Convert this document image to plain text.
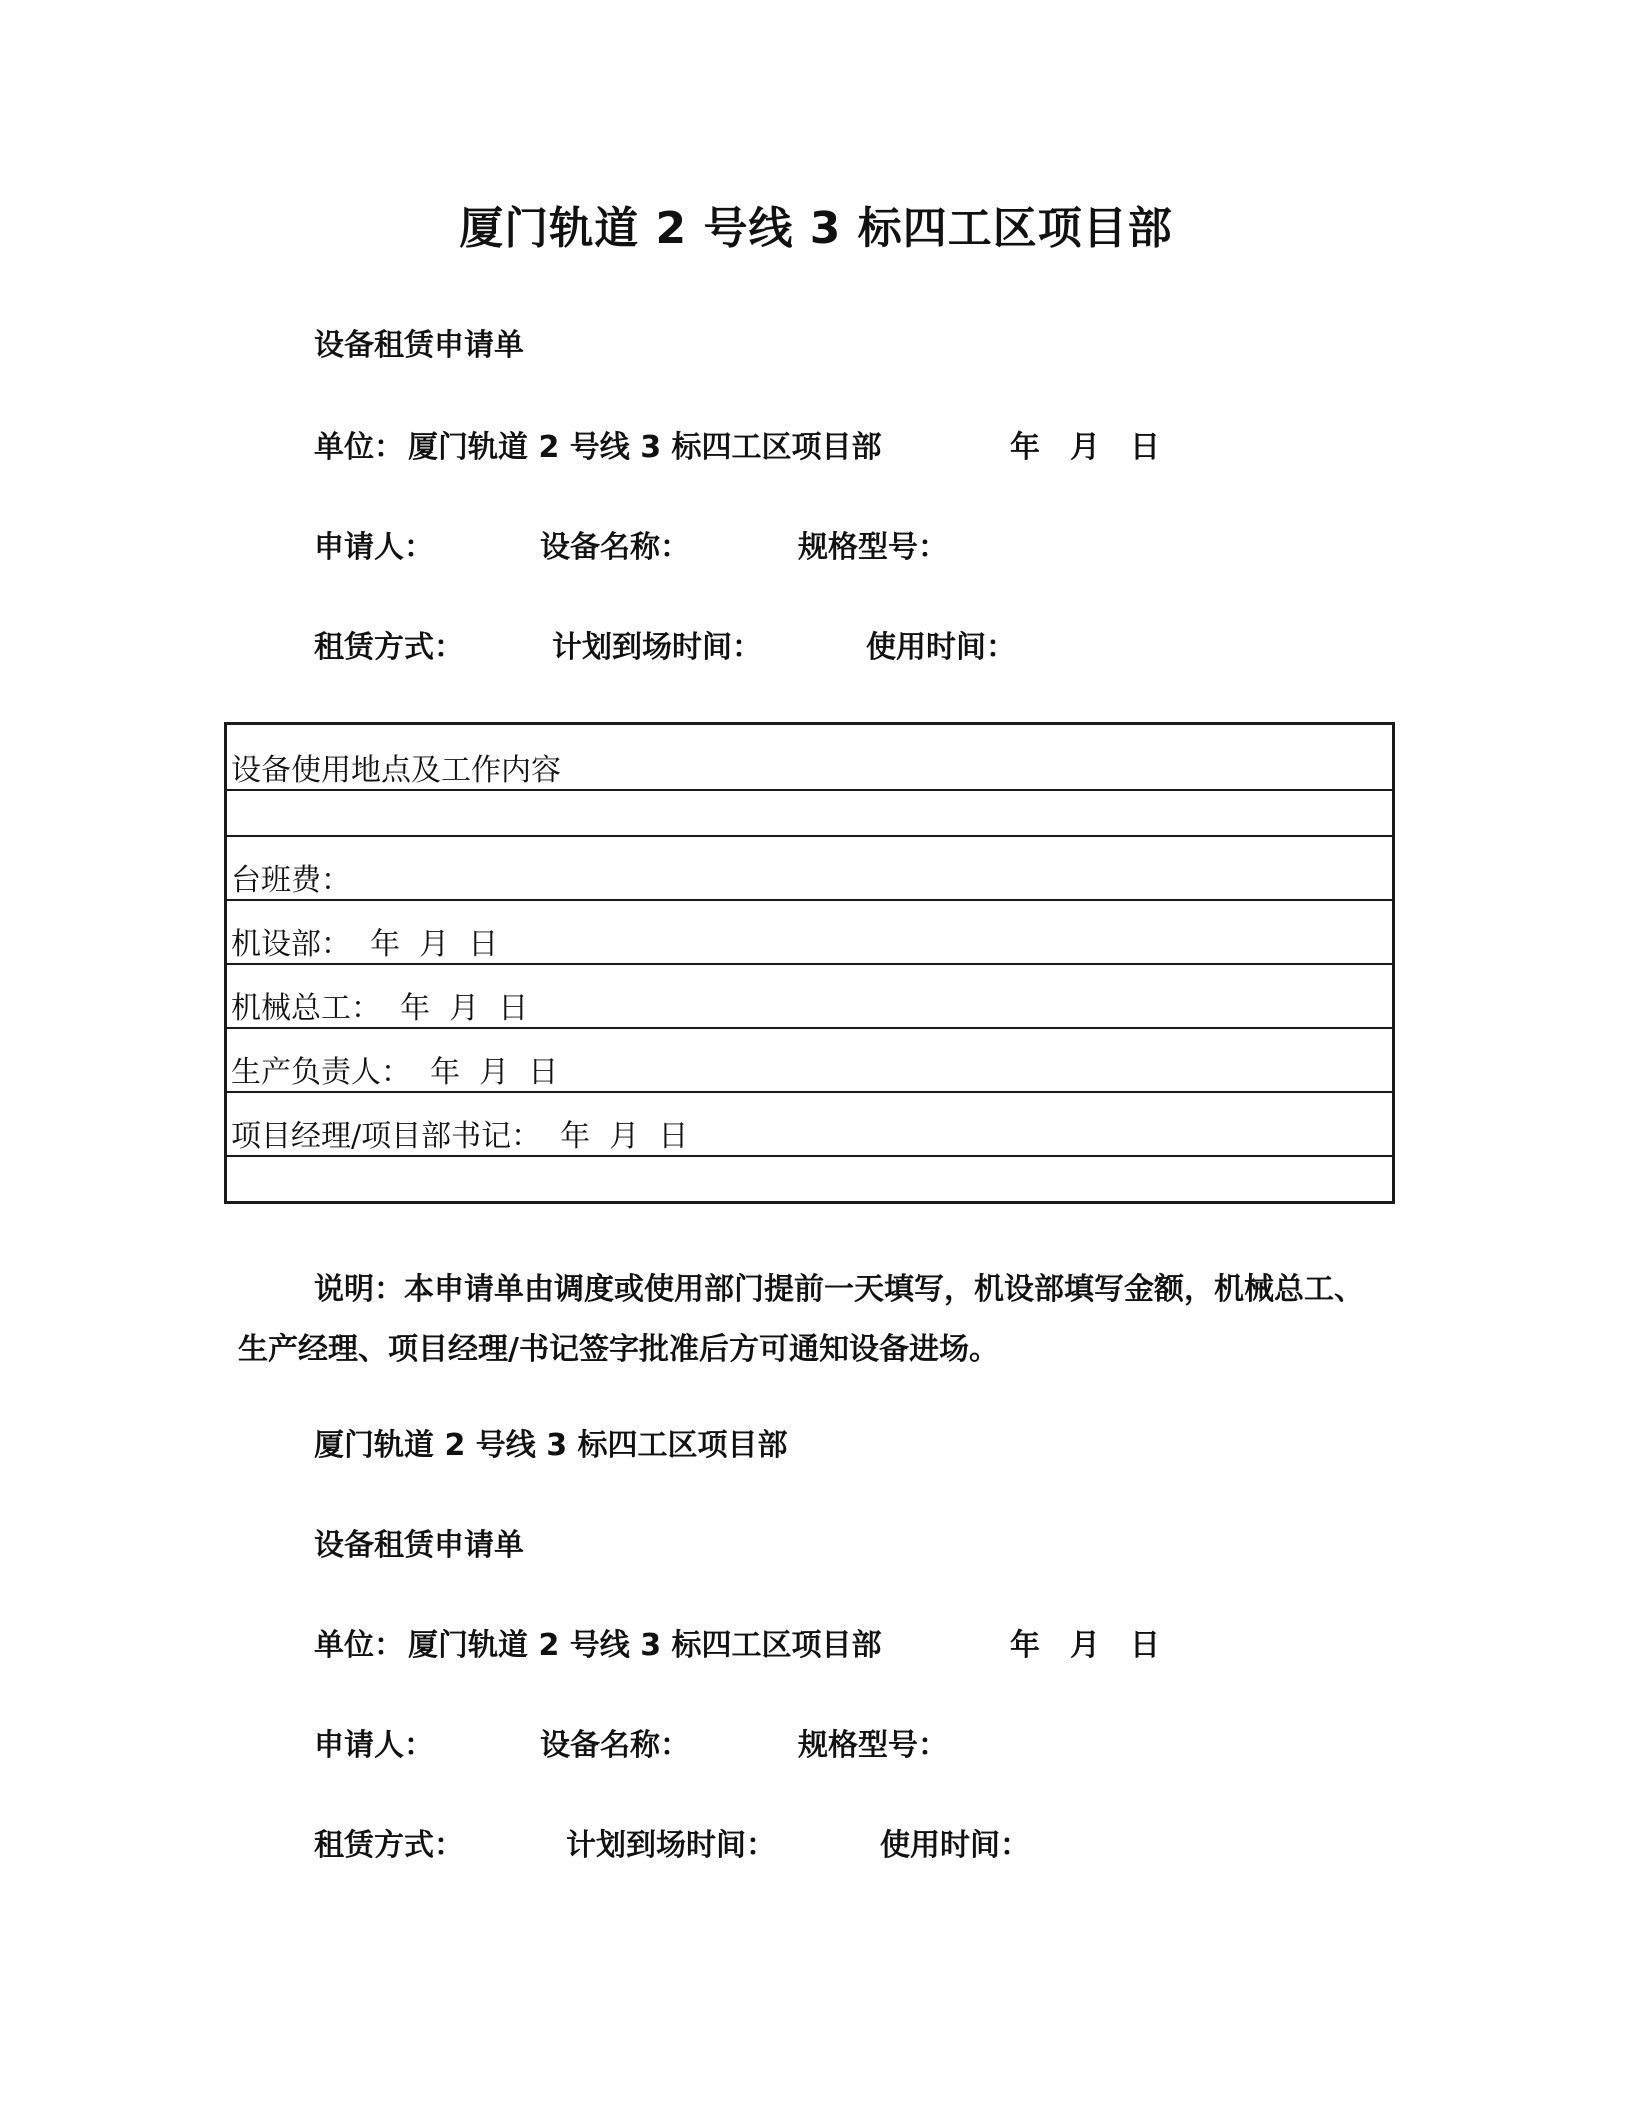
厦门轨道 2 号线 3 标四工区项目部
设备租赁申请单
单位： 厦门轨道 2 号线 3 标四工区项目部	年 月 日
申请人：	设备名称：	规格型号：
租赁方式：	计划到场时间：	使用时间：
设备使用地点及工作内容

台班费：
机设部：  年  月  日
机械总工：  年  月  日
生产负责人：  年  月  日
项目经理/项目部书记：  年  月  日

说明：本申请单由调度或使用部门提前一天填写，机设部填写金额，机械总工、生产经理、项目经理/书记签字批准后方可通知设备进场。
厦门轨道 2 号线 3 标四工区项目部
设备租赁申请单
单位： 厦门轨道 2 号线 3 标四工区项目部	年 月 日
申请人：	设备名称：	规格型号：
租赁方式：	计划到场时间：	使用时间：
